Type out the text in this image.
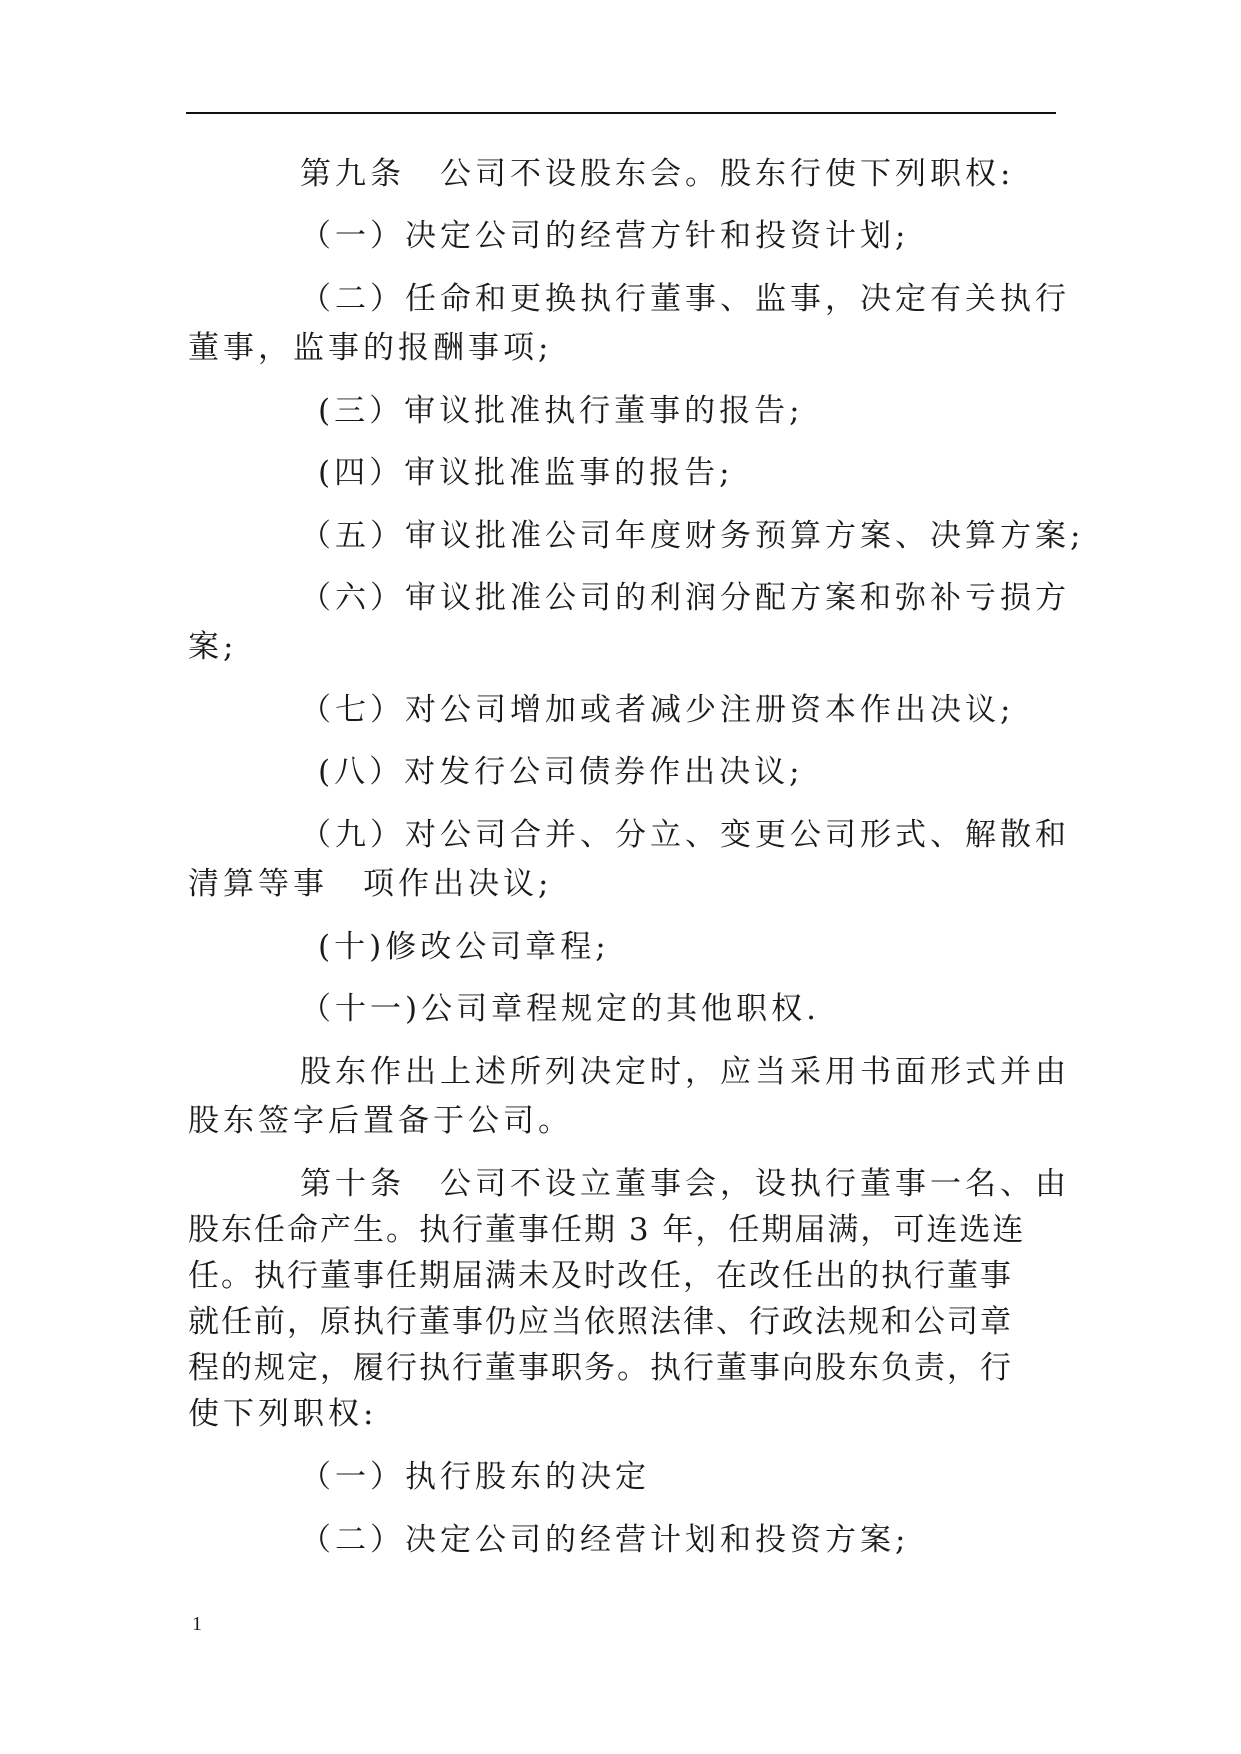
第九条　公司不设股东会。股东行使下列职权:
（一）决定公司的经营方针和投资计划;
（二）任命和更换执行董事、监事，决定有关执行
董事，监事的报酬事项;
(三）审议批准执行董事的报告;
(四）审议批准监事的报告;
（五）审议批准公司年度财务预算方案、决算方案;
（六）审议批准公司的利润分配方案和弥补亏损方
案;
（七）对公司增加或者减少注册资本作出决议;
(八）对发行公司债券作出决议;
（九）对公司合并、分立、变更公司形式、解散和
清算等事　项作出决议;
(十)修改公司章程;
（十一)公司章程规定的其他职权.
股东作出上述所列决定时，应当采用书面形式并由
股东签字后置备于公司。
第十条　公司不设立董事会，设执行董事一名、由
股东任命产生。执行董事任期 3 年，任期届满，可连选连
任。执行董事任期届满未及时改任，在改任出的执行董事
就任前，原执行董事仍应当依照法律、行政法规和公司章
程的规定，履行执行董事职务。执行董事向股东负责，行
使下列职权:
（一）执行股东的决定
（二）决定公司的经营计划和投资方案;
1
